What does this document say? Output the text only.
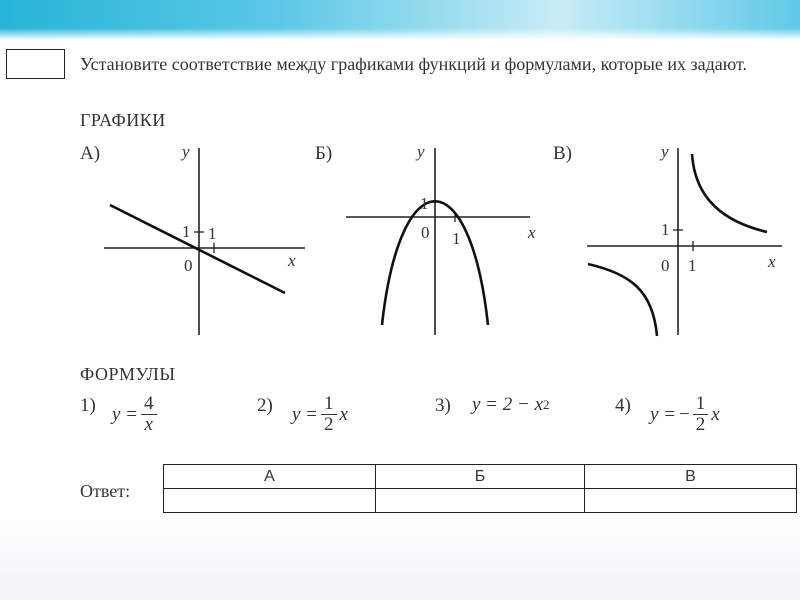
Установите соответствие между графиками функций и формулами, которые их задают.

ГРАФИКИ

А)	y
x
1 1
0
Б)	y
x
1
1
0
В)	y
x
1
1
0

ФОРМУЛЫ

1) $y = \frac{4}{x}$	2) $y = \frac{1}{2}$ x	3) y = 2 − x 2	4) y = − $\frac{1}{2}$ x
Ответ:
А	Б	В
